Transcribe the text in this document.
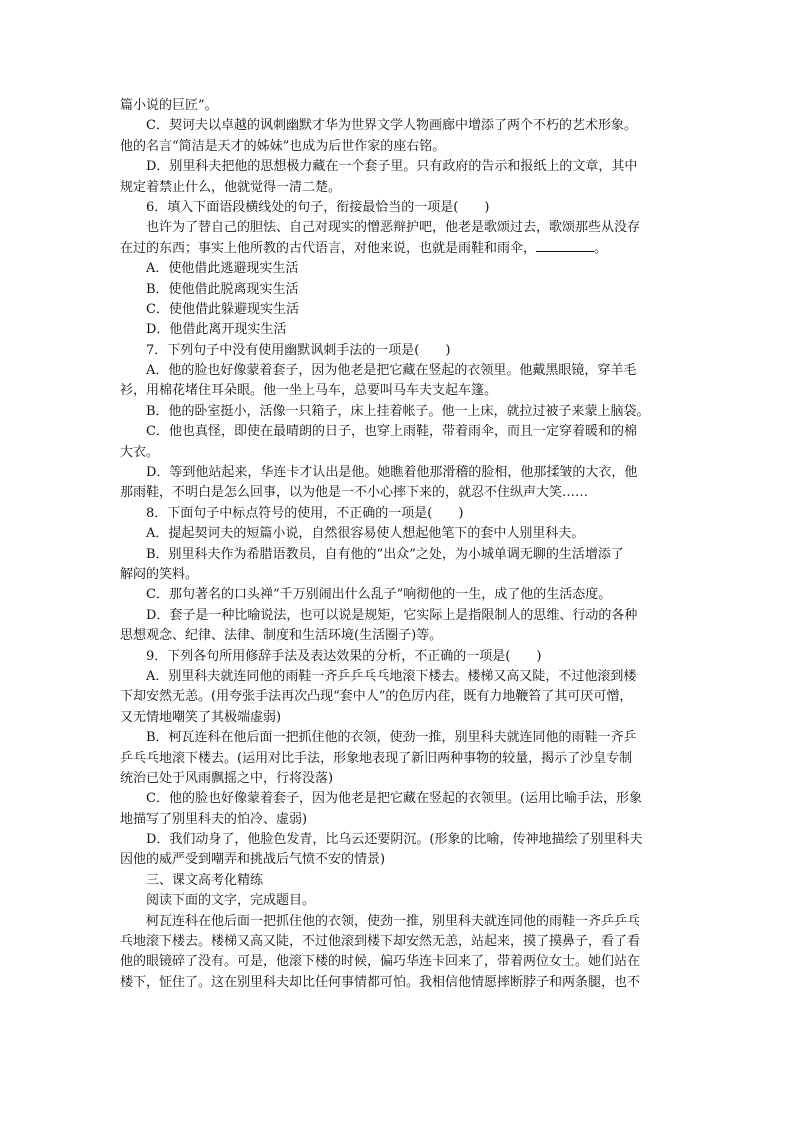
篇小说的巨匠”。
C．契诃夫以卓越的讽刺幽默才华为世界文学人物画廊中增添了两个不朽的艺术形象。
他的名言“简洁是天才的姊妹”也成为后世作家的座右铭。
D．别里科夫把他的思想极力藏在一个套子里。只有政府的告示和报纸上的文章，其中
规定着禁止什么，他就觉得一清二楚。
6．填入下面语段横线处的句子，衔接最恰当的一项是(　　)
也许为了替自己的胆怯、自己对现实的憎恶辩护吧，他老是歌颂过去，歌颂那些从没存
在过的东西；事实上他所教的古代语言，对他来说，也就是雨鞋和雨伞，	。
A．使他借此逃避现实生活
B．使他借此脱离现实生活
C．使他借此躲避现实生活
D．他借此离开现实生活
7．下列句子中没有使用幽默讽刺手法的一项是(　　)
A．他的脸也好像蒙着套子，因为他老是把它藏在竖起的衣领里。他戴黑眼镜，穿羊毛
衫，用棉花堵住耳朵眼。他一坐上马车，总要叫马车夫支起车篷。
B．他的卧室挺小，活像一只箱子，床上挂着帐子。他一上床，就拉过被子来蒙上脑袋。
C．他也真怪，即使在最晴朗的日子，也穿上雨鞋，带着雨伞，而且一定穿着暖和的棉
大衣。
D．等到他站起来，华连卡才认出是他。她瞧着他那滑稽的脸相，他那揉皱的大衣，他
那雨鞋，不明白是怎么回事，以为他是一不小心摔下来的，就忍不住纵声大笑……
8．下面句子中标点符号的使用，不正确的一项是(　　)
A．提起契诃夫的短篇小说，自然很容易使人想起他笔下的套中人别里科夫。
B．别里科夫作为希腊语教员，自有他的“出众”之处，为小城单调无聊的生活增添了
解闷的笑料。
C．那句著名的口头禅“千万别闹出什么乱子”响彻他的一生，成了他的生活态度。
D．套子是一种比喻说法，也可以说是规矩，它实际上是指限制人的思维、行动的各种
思想观念、纪律、法律、制度和生活环境(生活圈子)等。
9．下列各句所用修辞手法及表达效果的分析，不正确的一项是(　　)
A．别里科夫就连同他的雨鞋一齐乒乒乓乓地滚下楼去。楼梯又高又陡，不过他滚到楼
下却安然无恙。(用夸张手法再次凸现“套中人”的色厉内荏，既有力地鞭笞了其可厌可憎，
又无情地嘲笑了其极端虚弱)
B．柯瓦连科在他后面一把抓住他的衣领，使劲一推，别里科夫就连同他的雨鞋一齐乒
乒乓乓地滚下楼去。(运用对比手法，形象地表现了新旧两种事物的较量，揭示了沙皇专制
统治已处于风雨飘摇之中，行将没落)
C．他的脸也好像蒙着套子，因为他老是把它藏在竖起的衣领里。(运用比喻手法，形象
地描写了别里科夫的怕冷、虚弱)
D．我们动身了，他脸色发青，比乌云还要阴沉。(形象的比喻，传神地描绘了别里科夫
因他的威严受到嘲弄和挑战后气愤不安的情景)
三、课文高考化精练
阅读下面的文字，完成题目。
柯瓦连科在他后面一把抓住他的衣领，使劲一推，别里科夫就连同他的雨鞋一齐乒乒乓
乓地滚下楼去。楼梯又高又陡，不过他滚到楼下却安然无恙，站起来，摸了摸鼻子，看了看
他的眼镜碎了没有。可是，他滚下楼的时候，偏巧华连卡回来了，带着两位女士。她们站在
楼下，怔住了。这在别里科夫却比任何事情都可怕。我相信他情愿摔断脖子和两条腿，也不
